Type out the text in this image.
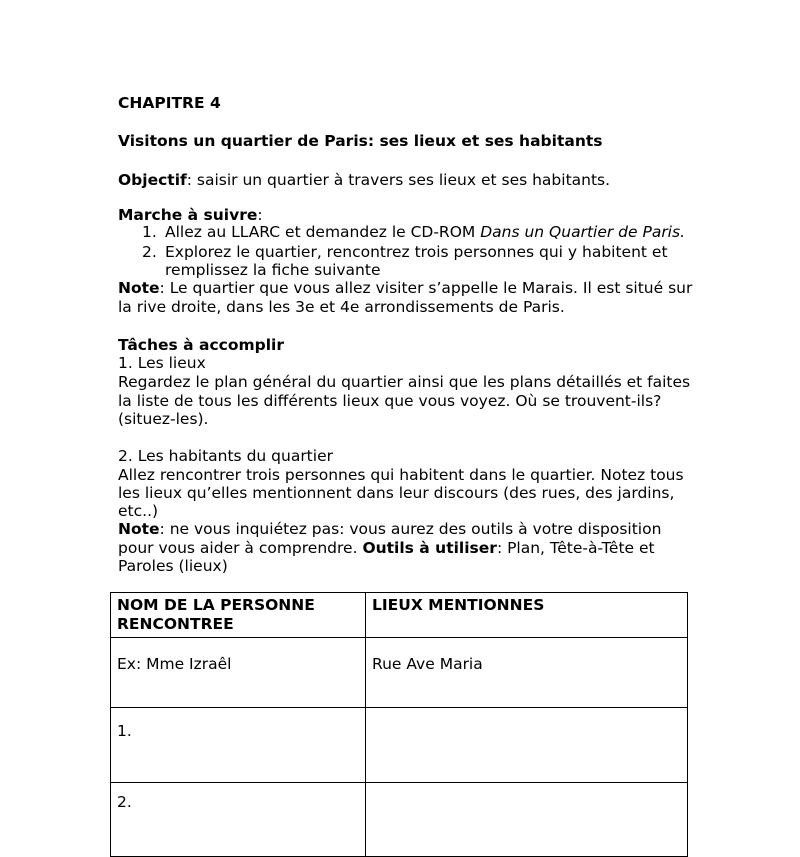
CHAPITRE 4
Visitons un quartier de Paris: ses lieux et ses habitants
Objectif: saisir un quartier à travers ses lieux et ses habitants.
Marche à suivre:
1. Allez au LLARC et demandez le CD-ROM Dans un Quartier de Paris.
2. Explorez le quartier, rencontrez trois personnes qui y habitent et
remplissez la fiche suivante
Note: Le quartier que vous allez visiter s’appelle le Marais. Il est situé sur
la rive droite, dans les 3e et 4e arrondissements de Paris.
Tâches à accomplir
1. Les lieux
Regardez le plan général du quartier ainsi que les plans détaillés et faites
la liste de tous les différents lieux que vous voyez. Où se trouvent-ils?
(situez-les).
2. Les habitants du quartier
Allez rencontrer trois personnes qui habitent dans le quartier. Notez tous
les lieux qu’elles mentionnent dans leur discours (des rues, des jardins,
etc..)
Note: ne vous inquiétez pas: vous aurez des outils à votre disposition
pour vous aider à comprendre. Outils à utiliser: Plan, Tête-à-Tête et
Paroles (lieux)
NOM DE LA PERSONNE RENCONTREE	LIEUX MENTIONNES
Ex: Mme Izraêl	Rue Ave Maria
1.	
2.	
